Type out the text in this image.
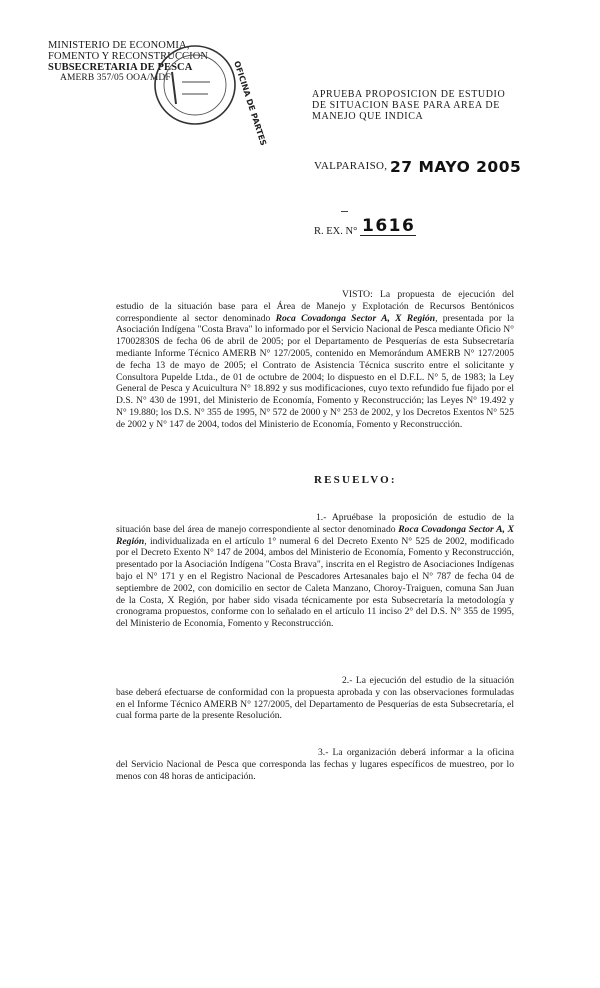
MINISTERIO DE ECONOMIA,
FOMENTO Y RECONSTRUCCION
SUBSECRETARIA DE PESCA
AMERB 357/05 OOA/MDF	OFICINA DE PARTES	APRUEBA PROPOSICION DE ESTUDIO
DE SITUACION BASE PARA AREA DE
MANEJO QUE INDICA
VALPARAISO, 27 MAYO 2005
R. EX. N° 1616

VISTO: La propuesta de ejecución del estudio de la situación base para el Área de Manejo y Explotación de Recursos Bentónicos correspondiente al sector denominado Roca Covadonga Sector A, X Región, presentada por la Asociación Indígena "Costa Brava" lo informado por el Servicio Nacional de Pesca mediante Oficio N° 17002830S de fecha 06 de abril de 2005; por el Departamento de Pesquerías de esta Subsecretaría mediante Informe Técnico AMERB N° 127/2005, contenido en Memorándum AMERB N° 127/2005 de fecha 13 de mayo de 2005; el Contrato de Asistencia Técnica suscrito entre el solicitante y Consultora Pupelde Ltda., de 01 de octubre de 2004; lo dispuesto en el D.F.L. N° 5, de 1983; la Ley General de Pesca y Acuicultura N° 18.892 y sus modificaciones, cuyo texto refundido fue fijado por el D.S. N° 430 de 1991, del Ministerio de Economía, Fomento y Reconstrucción; las Leyes N° 19.492 y N° 19.880; los D.S. N° 355 de 1995, N° 572 de 2000 y N° 253 de 2002, y los Decretos Exentos N° 525 de 2002 y N° 147 de 2004, todos del Ministerio de Economía, Fomento y Reconstrucción.

RESUELVO:

1.- Apruébase la proposición de estudio de la situación base del área de manejo correspondiente al sector denominado Roca Covadonga Sector A, X Región, individualizada en el artículo 1° numeral 6 del Decreto Exento N° 525 de 2002, modificado por el Decreto Exento N° 147 de 2004, ambos del Ministerio de Economía, Fomento y Reconstrucción, presentado por la Asociación Indígena "Costa Brava", inscrita en el Registro de Asociaciones Indígenas bajo el N° 171 y en el Registro Nacional de Pescadores Artesanales bajo el N° 787 de fecha 04 de septiembre de 2002, con domicilio en sector de Caleta Manzano, Choroy-Traiguen, comuna San Juan de la Costa, X Región, por haber sido visada técnicamente por esta Subsecretaría la metodología y cronograma propuestos, conforme con lo señalado en el artículo 11 inciso 2° del D.S. N° 355 de 1995, del Ministerio de Economía, Fomento y Reconstrucción.

2.- La ejecución del estudio de la situación base deberá efectuarse de conformidad con la propuesta aprobada y con las observaciones formuladas en el Informe Técnico AMERB N° 127/2005, del Departamento de Pesquerías de esta Subsecretaría, el cual forma parte de la presente Resolución.

3.- La organización deberá informar a la oficina del Servicio Nacional de Pesca que corresponda las fechas y lugares específicos de muestreo, por lo menos con 48 horas de anticipación.
